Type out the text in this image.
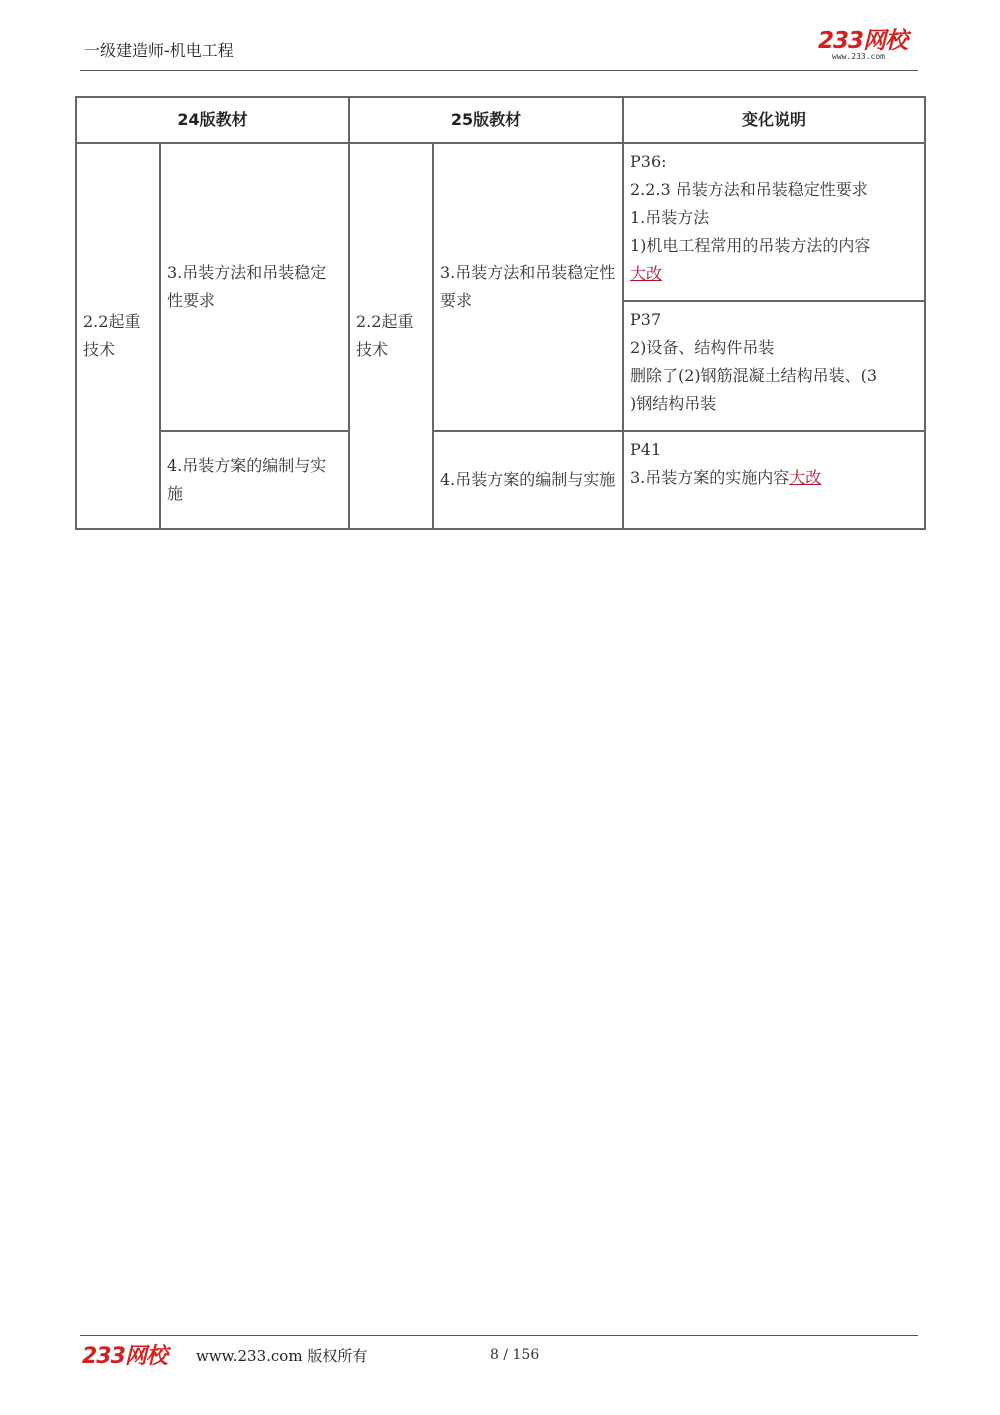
一级建造师-机电工程	233网校
www.233.com
24版教材		25版教材		变化说明
2.2起重技术	3.吊装方法和吊装稳定性要求	2.2起重技术	3.吊装方法和吊装稳定性要求	P36:
2.2.3 吊装方法和吊装稳定性要求
1.吊装方法
1)机电工程常用的吊装方法的内容
大改

				P37
2)设备、结构件吊装
删除了(2)钢筋混凝土结构吊装、(3
)钢结构吊装

	4.吊装方案的编制与实施		4.吊装方案的编制与实施	P41
3.吊装方案的实施内容大改
233网校 www.233.com 版权所有	8 / 156
